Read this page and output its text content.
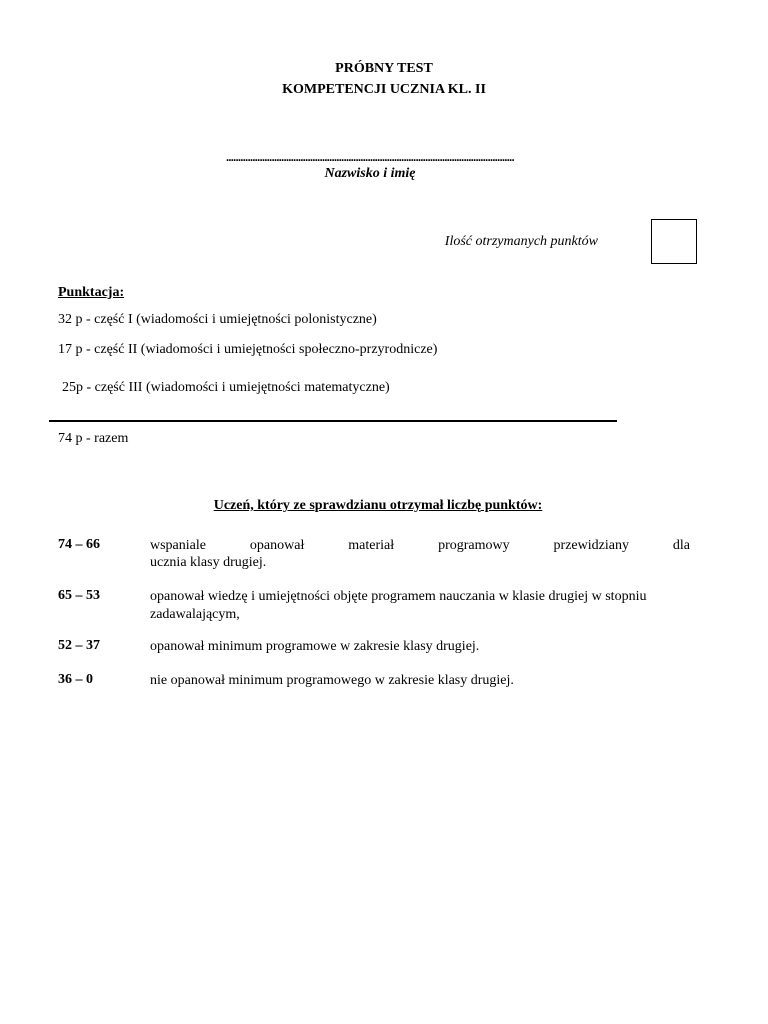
PRÓBNY TEST
KOMPETENCJI UCZNIA KL. II
........................................................................................................................
Nazwisko i imię
Ilość otrzymanych punktów
Punktacja:
32 p - część I (wiadomości i umiejętności polonistyczne)
17 p - część II (wiadomości i umiejętności społeczno-przyrodnicze)
25p - część III (wiadomości i umiejętności matematyczne)
74 p - razem
Uczeń, który ze sprawdzianu otrzymał liczbę punktów:
74 – 66	wspaniale opanował materiał programowy przewidziany dla
ucznia klasy drugiej.
65 – 53	opanował wiedzę i umiejętności objęte programem nauczania w klasie drugiej w stopniu zadawalającym,
52 – 37	opanował minimum programowe w zakresie klasy drugiej.
36 – 0	nie opanował minimum programowego w zakresie klasy drugiej.
